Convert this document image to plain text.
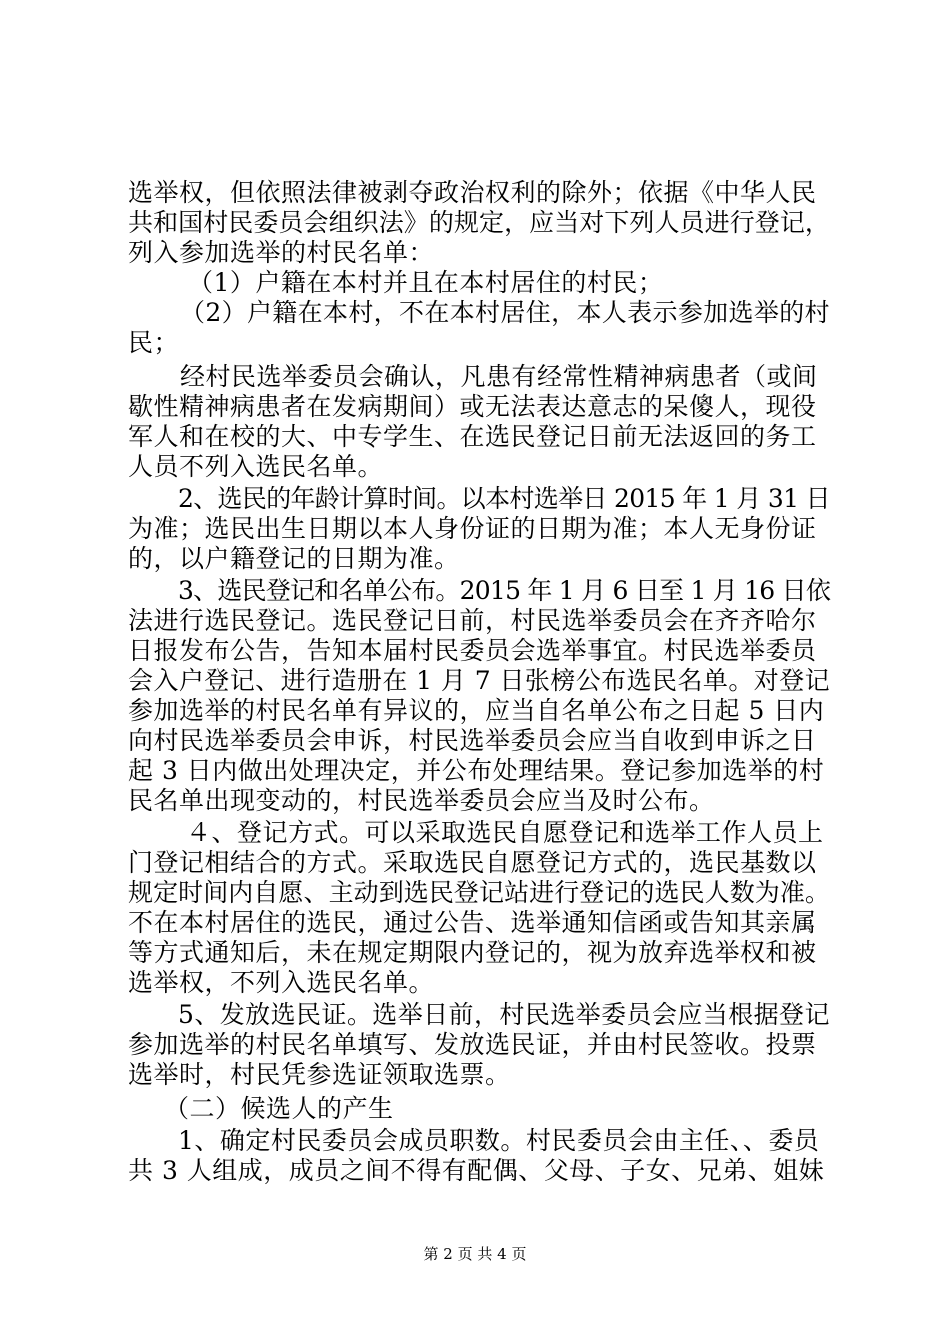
选举权，但依照法律被剥夺政治权利的除外；依据《中华人民
共和国村民委员会组织法》的规定，应当对下列人员进行登记，
列入参加选举的村民名单：
（1）户籍在本村并且在本村居住的村民；
（2）户籍在本村，不在本村居住，本人表示参加选举的村
民；
经村民选举委员会确认，凡患有经常性精神病患者（或间
歇性精神病患者在发病期间）或无法表达意志的呆傻人，现役
军人和在校的大、中专学生、在选民登记日前无法返回的务工
人员不列入选民名单。
2、选民的年龄计算时间。以本村选举日 2015 年 1 月 31 日
为准；选民出生日期以本人身份证的日期为准；本人无身份证
的，以户籍登记的日期为准。
3、选民登记和名单公布。2015 年 1 月 6 日至 1 月 16 日依
法进行选民登记。选民登记日前，村民选举委员会在齐齐哈尔
日报发布公告，告知本届村民委员会选举事宜。村民选举委员
会入户登记、进行造册在 1 月 7 日张榜公布选民名单。对登记
参加选举的村民名单有异议的，应当自名单公布之日起 5 日内
向村民选举委员会申诉，村民选举委员会应当自收到申诉之日
起 3 日内做出处理决定，并公布处理结果。登记参加选举的村
民名单出现变动的，村民选举委员会应当及时公布。
４、登记方式。可以采取选民自愿登记和选举工作人员上
门登记相结合的方式。采取选民自愿登记方式的，选民基数以
规定时间内自愿、主动到选民登记站进行登记的选民人数为准。
不在本村居住的选民，通过公告、选举通知信函或告知其亲属
等方式通知后，未在规定期限内登记的，视为放弃选举权和被
选举权，不列入选民名单。
5、发放选民证。选举日前，村民选举委员会应当根据登记
参加选举的村民名单填写、发放选民证，并由村民签收。投票
选举时，村民凭参选证领取选票。
（二）候选人的产生
1、确定村民委员会成员职数。村民委员会由主任、、委员
共 3 人组成，成员之间不得有配偶、父母、子女、兄弟、姐妹
第 2 页 共 4 页
